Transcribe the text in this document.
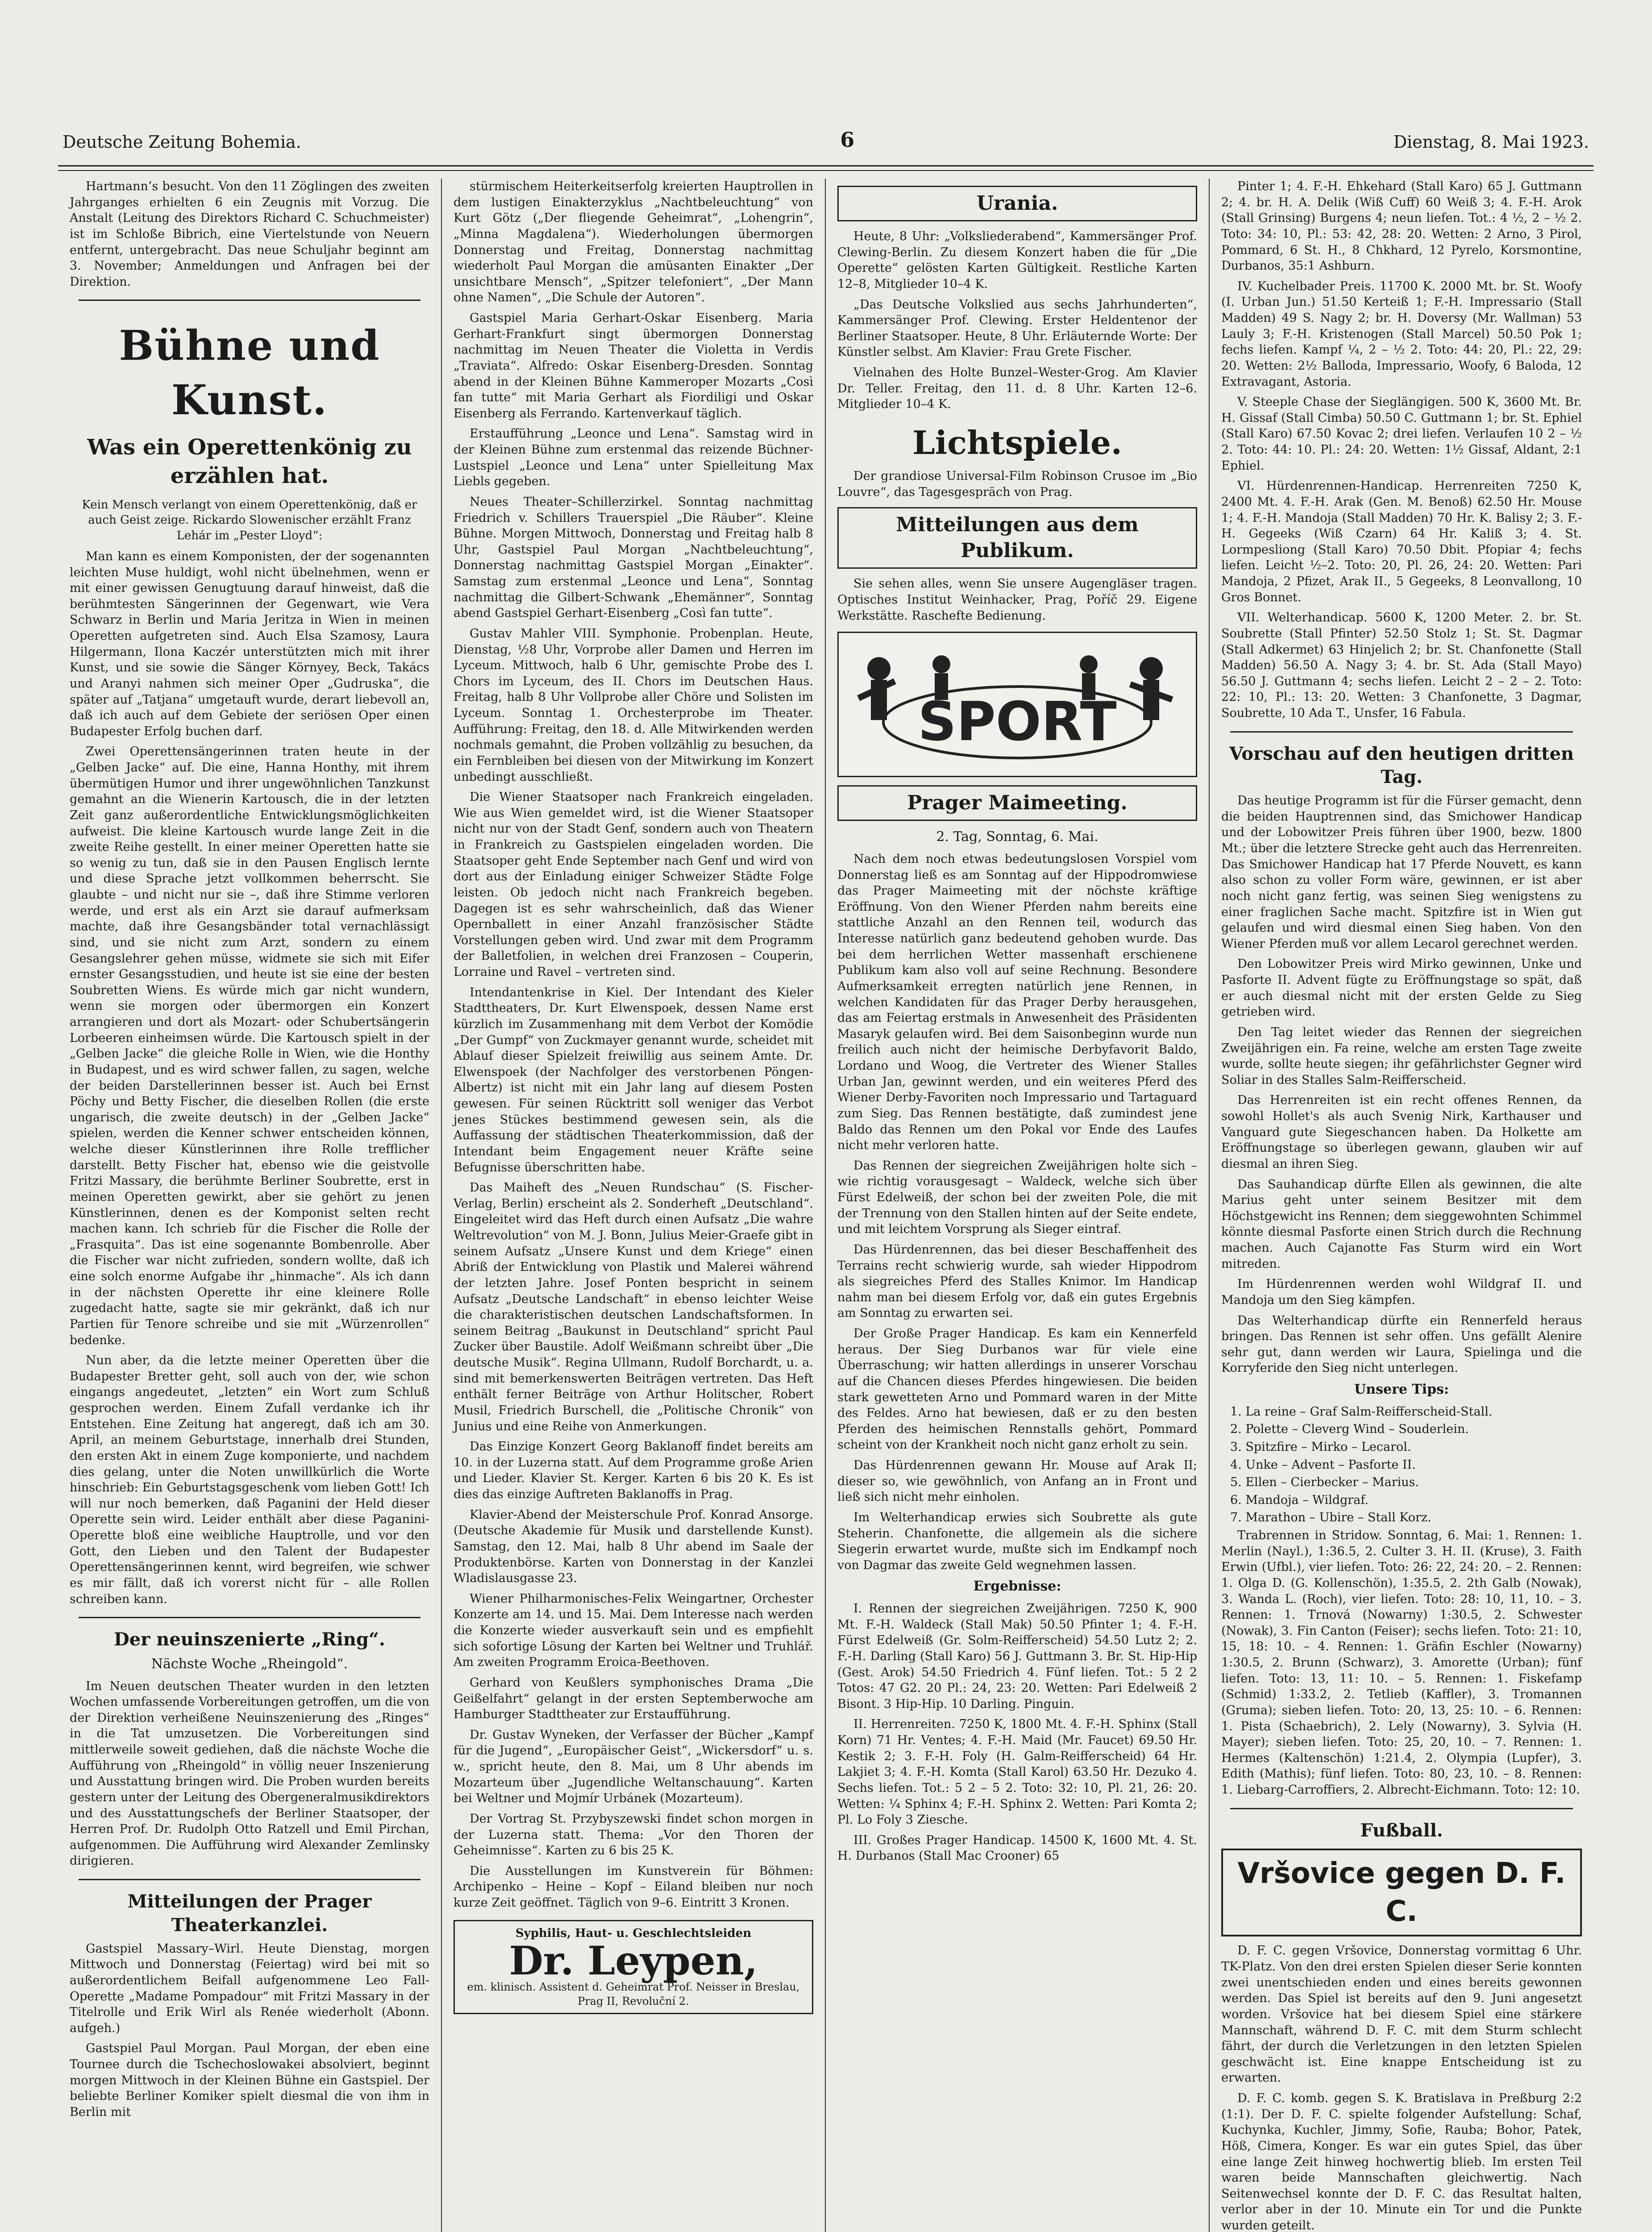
Deutsche Zeitung Bohemia.	6	Dienstag, 8. Mai 1923.

Hartmann’s besucht. Von den 11 Zöglingen des zweiten Jahrganges erhielten 6 ein Zeugnis mit Vorzug. Die Anstalt (Leitung des Direktors Richard C. Schuchmeister) ist im Schloße Bibrich, eine Viertelstunde von Neuern entfernt, untergebracht. Das neue Schuljahr beginnt am 3. November; Anmeldungen und Anfragen bei der Direktion.

Bühne und Kunst.
Was ein Operettenkönig zu erzählen hat.
Kein Mensch verlangt von einem Operettenkönig, daß er auch Geist zeige. Rickardo Slowenischer erzählt Franz Lehár im „Pester Lloyd“:

Man kann es einem Komponisten, der der sogenannten leichten Muse huldigt, wohl nicht übelnehmen, wenn er mit einer gewissen Genugtuung darauf hinweist, daß die berühmtesten Sängerinnen der Gegenwart, wie Vera Schwarz in Berlin und Maria Jeritza in Wien in meinen Operetten aufgetreten sind. Auch Elsa Szamosy, Laura Hilgermann, Ilona Kaczér unterstützten mich mit ihrer Kunst, und sie sowie die Sänger Környey, Beck, Takács und Aranyi nahmen sich meiner Oper „Gudruska“, die später auf „Tatjana“ umgetauft wurde, derart liebevoll an, daß ich auch auf dem Gebiete der seriösen Oper einen Budapester Erfolg buchen darf.

Zwei Operettensängerinnen traten heute in der „Gelben Jacke“ auf. Die eine, Hanna Honthy, mit ihrem übermütigen Humor und ihrer ungewöhnlichen Tanzkunst gemahnt an die Wienerin Kartousch, die in der letzten Zeit ganz außerordentliche Entwicklungsmöglichkeiten aufweist. Die kleine Kartousch wurde lange Zeit in die zweite Reihe gestellt. In einer meiner Operetten hatte sie so wenig zu tun, daß sie in den Pausen Englisch lernte und diese Sprache jetzt vollkommen beherrscht. Sie glaubte – und nicht nur sie –, daß ihre Stimme verloren werde, und erst als ein Arzt sie darauf aufmerksam machte, daß ihre Gesangsbänder total vernachlässigt sind, und sie nicht zum Arzt, sondern zu einem Gesangslehrer gehen müsse, widmete sie sich mit Eifer ernster Gesangsstudien, und heute ist sie eine der besten Soubretten Wiens. Es würde mich gar nicht wundern, wenn sie morgen oder übermorgen ein Konzert arrangieren und dort als Mozart- oder Schubertsängerin Lorbeeren einheimsen würde. Die Kartousch spielt in der „Gelben Jacke“ die gleiche Rolle in Wien, wie die Honthy in Budapest, und es wird schwer fallen, zu sagen, welche der beiden Darstellerinnen besser ist. Auch bei Ernst Pöchy und Betty Fischer, die dieselben Rollen (die erste ungarisch, die zweite deutsch) in der „Gelben Jacke“ spielen, werden die Kenner schwer entscheiden können, welche dieser Künstlerinnen ihre Rolle trefflicher darstellt. Betty Fischer hat, ebenso wie die geistvolle Fritzi Massary, die berühmte Berliner Soubrette, erst in meinen Operetten gewirkt, aber sie gehört zu jenen Künstlerinnen, denen es der Komponist selten recht machen kann. Ich schrieb für die Fischer die Rolle der „Frasquita“. Das ist eine sogenannte Bombenrolle. Aber die Fischer war nicht zufrieden, sondern wollte, daß ich eine solch enorme Aufgabe ihr „hinmache“. Als ich dann in der nächsten Operette ihr eine kleinere Rolle zugedacht hatte, sagte sie mir gekränkt, daß ich nur Partien für Tenore schreibe und sie mit „Würzenrollen“ bedenke.

Nun aber, da die letzte meiner Operetten über die Budapester Bretter geht, soll auch von der, wie schon eingangs angedeutet, „letzten“ ein Wort zum Schluß gesprochen werden. Einem Zufall verdanke ich ihr Entstehen. Eine Zeitung hat angeregt, daß ich am 30. April, an meinem Geburtstage, innerhalb drei Stunden, den ersten Akt in einem Zuge komponierte, und nachdem dies gelang, unter die Noten unwillkürlich die Worte hinschrieb: Ein Geburtstagsgeschenk vom lieben Gott! Ich will nur noch bemerken, daß Paganini der Held dieser Operette sein wird. Leider enthält aber diese Paganini-Operette bloß eine weibliche Hauptrolle, und vor den Gott, den Lieben und den Talent der Budapester Operettensängerinnen kennt, wird begreifen, wie schwer es mir fällt, daß ich vorerst nicht für – alle Rollen schreiben kann.

Der neuinszenierte „Ring“.
Nächste Woche „Rheingold“.

Im Neuen deutschen Theater wurden in den letzten Wochen umfassende Vorbereitungen getroffen, um die von der Direktion verheißene Neuinszenierung des „Ringes“ in die Tat umzusetzen. Die Vorbereitungen sind mittlerweile soweit gediehen, daß die nächste Woche die Aufführung von „Rheingold“ in völlig neuer Inszenierung und Ausstattung bringen wird. Die Proben wurden bereits gestern unter der Leitung des Obergeneralmusikdirektors und des Ausstattungschefs der Berliner Staatsoper, der Herren Prof. Dr. Rudolph Otto Ratzell und Emil Pirchan, aufgenommen. Die Aufführung wird Alexander Zemlinsky dirigieren.

Mitteilungen der Prager Theaterkanzlei.

Gastspiel Massary–Wirl. Heute Dienstag, morgen Mittwoch und Donnerstag (Feiertag) wird bei mit so außerordentlichem Beifall aufgenommene Leo Fall-Operette „Madame Pompadour“ mit Fritzi Massary in der Titelrolle und Erik Wirl als Renée wiederholt (Abonn. aufgeh.)

Gastspiel Paul Morgan. Paul Morgan, der eben eine Tournee durch die Tschechoslowakei absolviert, beginnt morgen Mittwoch in der Kleinen Bühne ein Gastspiel. Der beliebte Berliner Komiker spielt diesmal die von ihm in Berlin mit

stürmischem Heiterkeitserfolg kreierten Hauptrollen in dem lustigen Einakterzyklus „Nachtbeleuchtung“ von Kurt Götz („Der fliegende Geheimrat“, „Lohengrin“, „Minna Magdalena“). Wiederholungen übermorgen Donnerstag und Freitag, Donnerstag nachmittag wiederholt Paul Morgan die amüsanten Einakter „Der unsichtbare Mensch“, „Spitzer telefoniert“, „Der Mann ohne Namen“, „Die Schule der Autoren“.

Gastspiel Maria Gerhart-Oskar Eisenberg. Maria Gerhart-Frankfurt singt übermorgen Donnerstag nachmittag im Neuen Theater die Violetta in Verdis „Traviata“. Alfredo: Oskar Eisenberg-Dresden. Sonntag abend in der Kleinen Bühne Kammeroper Mozarts „Così fan tutte“ mit Maria Gerhart als Fiordiligi und Oskar Eisenberg als Ferrando. Kartenverkauf täglich.

Erstaufführung „Leonce und Lena“. Samstag wird in der Kleinen Bühne zum erstenmal das reizende Büchner-Lustspiel „Leonce und Lena“ unter Spielleitung Max Liebls gegeben.

Neues Theater–Schillerzirkel. Sonntag nachmittag Friedrich v. Schillers Trauerspiel „Die Räuber“. Kleine Bühne. Morgen Mittwoch, Donnerstag und Freitag halb 8 Uhr, Gastspiel Paul Morgan „Nachtbeleuchtung“, Donnerstag nachmittag Gastspiel Morgan „Einakter“. Samstag zum erstenmal „Leonce und Lena“, Sonntag nachmittag die Gilbert-Schwank „Ehemänner“, Sonntag abend Gastspiel Gerhart-Eisenberg „Così fan tutte“.

Gustav Mahler VIII. Symphonie. Probenplan. Heute, Dienstag, ½8 Uhr, Vorprobe aller Damen und Herren im Lyceum. Mittwoch, halb 6 Uhr, gemischte Probe des I. Chors im Lyceum, des II. Chors im Deutschen Haus. Freitag, halb 8 Uhr Vollprobe aller Chöre und Solisten im Lyceum. Sonntag 1. Orchesterprobe im Theater. Aufführung: Freitag, den 18. d. Alle Mitwirkenden werden nochmals gemahnt, die Proben vollzählig zu besuchen, da ein Fernbleiben bei diesen von der Mitwirkung im Konzert unbedingt ausschließt.

Die Wiener Staatsoper nach Frankreich eingeladen. Wie aus Wien gemeldet wird, ist die Wiener Staatsoper nicht nur von der Stadt Genf, sondern auch von Theatern in Frankreich zu Gastspielen eingeladen worden. Die Staatsoper geht Ende September nach Genf und wird von dort aus der Einladung einiger Schweizer Städte Folge leisten. Ob jedoch nicht nach Frankreich begeben. Dagegen ist es sehr wahrscheinlich, daß das Wiener Opernballett in einer Anzahl französischer Städte Vorstellungen geben wird. Und zwar mit dem Programm der Balletfolien, in welchen drei Franzosen – Couperin, Lorraine und Ravel – vertreten sind.

Intendantenkrise in Kiel. Der Intendant des Kieler Stadttheaters, Dr. Kurt Elwenspoek, dessen Name erst kürzlich im Zusammenhang mit dem Verbot der Komödie „Der Gumpf“ von Zuckmayer genannt wurde, scheidet mit Ablauf dieser Spielzeit freiwillig aus seinem Amte. Dr. Elwenspoek (der Nachfolger des verstorbenen Pöngen-Albertz) ist nicht mit ein Jahr lang auf diesem Posten gewesen. Für seinen Rücktritt soll weniger das Verbot jenes Stückes bestimmend gewesen sein, als die Auffassung der städtischen Theaterkommission, daß der Intendant beim Engagement neuer Kräfte seine Befugnisse überschritten habe.

Das Maiheft des „Neuen Rundschau“ (S. Fischer-Verlag, Berlin) erscheint als 2. Sonderheft „Deutschland“. Eingeleitet wird das Heft durch einen Aufsatz „Die wahre Weltrevolution“ von M. J. Bonn, Julius Meier-Graefe gibt in seinem Aufsatz „Unsere Kunst und dem Kriege“ einen Abriß der Entwicklung von Plastik und Malerei während der letzten Jahre. Josef Ponten bespricht in seinem Aufsatz „Deutsche Landschaft“ in ebenso leichter Weise die charakteristischen deutschen Landschaftsformen. In seinem Beitrag „Baukunst in Deutschland“ spricht Paul Zucker über Baustile. Adolf Weißmann schreibt über „Die deutsche Musik“. Regina Ullmann, Rudolf Borchardt, u. a. sind mit bemerkenswerten Beiträgen vertreten. Das Heft enthält ferner Beiträge von Arthur Holitscher, Robert Musil, Friedrich Burschell, die „Politische Chronik“ von Junius und eine Reihe von Anmerkungen.

Das Einzige Konzert Georg Baklanoff findet bereits am 10. in der Luzerna statt. Auf dem Programme große Arien und Lieder. Klavier St. Kerger. Karten 6 bis 20 K. Es ist dies das einzige Auftreten Baklanoffs in Prag.

Klavier-Abend der Meisterschule Prof. Konrad Ansorge. (Deutsche Akademie für Musik und darstellende Kunst). Samstag, den 12. Mai, halb 8 Uhr abend im Saale der Produktenbörse. Karten von Donnerstag in der Kanzlei Wladislausgasse 23.

Wiener Philharmonisches-Felix Weingartner, Orchester Konzerte am 14. und 15. Mai. Dem Interesse nach werden die Konzerte wieder ausverkauft sein und es empfiehlt sich sofortige Lösung der Karten bei Weltner und Truhlář. Am zweiten Programm Eroica-Beethoven.

Gerhard von Keußlers symphonisches Drama „Die Geißelfahrt“ gelangt in der ersten Septemberwoche am Hamburger Stadttheater zur Erstaufführung.

Dr. Gustav Wyneken, der Verfasser der Bücher „Kampf für die Jugend“, „Europäischer Geist“, „Wickersdorf“ u. s. w., spricht heute, den 8. Mai, um 8 Uhr abends im Mozarteum über „Jugendliche Weltanschauung“. Karten bei Weltner und Mojmír Urbánek (Mozarteum).

Der Vortrag St. Przybyszewski findet schon morgen in der Luzerna statt. Thema: „Vor den Thoren der Geheimnisse“. Karten zu 6 bis 25 K.

Die Ausstellungen im Kunstverein für Böhmen: Archipenko – Heine – Kopf – Eiland bleiben nur noch kurze Zeit geöffnet. Täglich von 9–6. Eintritt 3 Kronen.

Syphilis, Haut- u. Geschlechtsleiden
Dr. Leypen,
em. klinisch. Assistent d. Geheimrat Prof. Neisser in Breslau, Prag II, Revoluční 2.
Urania.

Heute, 8 Uhr: „Volksliederabend“, Kammersänger Prof. Clewing-Berlin. Zu diesem Konzert haben die für „Die Operette“ gelösten Karten Gültigkeit. Restliche Karten 12–8, Mitglieder 10–4 K.

„Das Deutsche Volkslied aus sechs Jahrhunderten“, Kammersänger Prof. Clewing. Erster Heldentenor der Berliner Staatsoper. Heute, 8 Uhr. Erläuternde Worte: Der Künstler selbst. Am Klavier: Frau Grete Fischer.

Vielnahen des Holte Bunzel–Wester-Grog. Am Klavier Dr. Teller. Freitag, den 11. d. 8 Uhr. Karten 12–6. Mitglieder 10–4 K.

Lichtspiele.

Der grandiose Universal-Film Robinson Crusoe im „Bio Louvre“, das Tagesgespräch von Prag.

Mitteilungen aus dem Publikum.

Sie sehen alles, wenn Sie unsere Augengläser tragen. Optisches Institut Weinhacker, Prag, Poříč 29. Eigene Werkstätte. Raschefte Bedienung.

SPORT
Prager Maimeeting.
2. Tag, Sonntag, 6. Mai.

Nach dem noch etwas bedeutungslosen Vorspiel vom Donnerstag ließ es am Sonntag auf der Hippodromwiese das Prager Maimeeting mit der nöchste kräftige Eröffnung. Von den Wiener Pferden nahm bereits eine stattliche Anzahl an den Rennen teil, wodurch das Interesse natürlich ganz bedeutend gehoben wurde. Das bei dem herrlichen Wetter massenhaft erschienene Publikum kam also voll auf seine Rechnung. Besondere Aufmerksamkeit erregten natürlich jene Rennen, in welchen Kandidaten für das Prager Derby herausgehen, das am Feiertag erstmals in Anwesenheit des Präsidenten Masaryk gelaufen wird. Bei dem Saisonbeginn wurde nun freilich auch nicht der heimische Derbyfavorit Baldo, Lordano und Woog, die Vertreter des Wiener Stalles Urban Jan, gewinnt werden, und ein weiteres Pferd des Wiener Derby-Favoriten noch Impressario und Tartaguard zum Sieg. Das Rennen bestätigte, daß zumindest jene Baldo das Rennen um den Pokal vor Ende des Laufes nicht mehr verloren hatte.

Das Rennen der siegreichen Zweijährigen holte sich – wie richtig vorausgesagt – Waldeck, welche sich über Fürst Edelweiß, der schon bei der zweiten Pole, die mit der Trennung von den Stallen hinten auf der Seite endete, und mit leichtem Vorsprung als Sieger eintraf.

Das Hürdenrennen, das bei dieser Beschaffenheit des Terrains recht schwierig wurde, sah wieder Hippodrom als siegreiches Pferd des Stalles Knimor. Im Handicap nahm man bei diesem Erfolg vor, daß ein gutes Ergebnis am Sonntag zu erwarten sei.

Der Große Prager Handicap. Es kam ein Kennerfeld heraus. Der Sieg Durbanos war für viele eine Überraschung; wir hatten allerdings in unserer Vorschau auf die Chancen dieses Pferdes hingewiesen. Die beiden stark gewetteten Arno und Pommard waren in der Mitte des Feldes. Arno hat bewiesen, daß er zu den besten Pferden des heimischen Rennstalls gehört, Pommard scheint von der Krankheit noch nicht ganz erholt zu sein.

Das Hürdenrennen gewann Hr. Mouse auf Arak II; dieser so, wie gewöhnlich, von Anfang an in Front und ließ sich nicht mehr einholen.

Im Welterhandicap erwies sich Soubrette als gute Steherin. Chanfonette, die allgemein als die sichere Siegerin erwartet wurde, mußte sich im Endkampf noch von Dagmar das zweite Geld wegnehmen lassen.

Ergebnisse:

I. Rennen der siegreichen Zweijährigen. 7250 K, 900 Mt. F.-H. Waldeck (Stall Mak) 50.50 Pfinter 1; 4. F.-H. Fürst Edelweiß (Gr. Solm-Reifferscheid) 54.50 Lutz 2; 2. F.-H. Darling (Stall Karo) 56 J. Guttmann 3. Br. St. Hip-Hip (Gest. Arok) 54.50 Friedrich 4. Fünf liefen. Tot.: 5 2 2 Totos: 47 G2. 20 Pl.: 24, 23: 20. Wetten: Pari Edelweiß 2 Bisont. 3 Hip-Hip. 10 Darling. Pinguin.

II. Herrenreiten. 7250 K, 1800 Mt. 4. F.-H. Sphinx (Stall Korn) 71 Hr. Ventes; 4. F.-H. Maid (Mr. Faucet) 69.50 Hr. Kestik 2; 3. F.-H. Foly (H. Galm-Reifferscheid) 64 Hr. Lakjiet 3; 4. F.-H. Komta (Stall Karol) 63.50 Hr. Dezuko 4. Sechs liefen. Tot.: 5 2 – 5 2. Toto: 32: 10, Pl. 21, 26: 20. Wetten: ¼ Sphinx 4; F.-H. Sphinx 2. Wetten: Pari Komta 2; Pl. Lo Foly 3 Ziesche.

III. Großes Prager Handicap. 14500 K, 1600 Mt. 4. St. H. Durbanos (Stall Mac Crooner) 65

Pinter 1; 4. F.-H. Ehkehard (Stall Karo) 65 J. Guttmann 2; 4. br. H. A. Delik (Wiß Cuff) 60 Weiß 3; 4. F.-H. Arok (Stall Grinsing) Burgens 4; neun liefen. Tot.: 4 ½, 2 – ½ 2. Toto: 34: 10, Pl.: 53: 42, 28: 20. Wetten: 2 Arno, 3 Pirol, Pommard, 6 St. H., 8 Chkhard, 12 Pyrelo, Korsmontine, Durbanos, 35:1 Ashburn.

IV. Kuchelbader Preis. 11700 K. 2000 Mt. br. St. Woofy (I. Urban Jun.) 51.50 Kerteiß 1; F.-H. Impressario (Stall Madden) 49 S. Nagy 2; br. H. Doversy (Mr. Wallman) 53 Lauly 3; F.-H. Kristenogen (Stall Marcel) 50.50 Pok 1; fechs liefen. Kampf ¼, 2 – ½ 2. Toto: 44: 20, Pl.: 22, 29: 20. Wetten: 2½ Balloda, Impressario, Woofy, 6 Baloda, 12 Extravagant, Astoria.

V. Steeple Chase der Sieglängigen. 500 K, 3600 Mt. Br. H. Gissaf (Stall Cimba) 50.50 C. Guttmann 1; br. St. Ephiel (Stall Karo) 67.50 Kovac 2; drei liefen. Verlaufen 10 2 – ½ 2. Toto: 44: 10. Pl.: 24: 20. Wetten: 1½ Gissaf, Aldant, 2:1 Ephiel.

VI. Hürdenrennen-Handicap. Herrenreiten 7250 K, 2400 Mt. 4. F.-H. Arak (Gen. M. Benoß) 62.50 Hr. Mouse 1; 4. F.-H. Mandoja (Stall Madden) 70 Hr. K. Balisy 2; 3. F.-H. Gegeeks (Wiß Czarn) 64 Hr. Kaliß 3; 4. St. Lormpesliong (Stall Karo) 70.50 Dbit. Pfopiar 4; fechs liefen. Leicht ½–2. Toto: 20, Pl. 26, 24: 20. Wetten: Pari Mandoja, 2 Pfizet, Arak II., 5 Gegeeks, 8 Leonvallong, 10 Gros Bonnet.

VII. Welterhandicap. 5600 K, 1200 Meter. 2. br. St. Soubrette (Stall Pfinter) 52.50 Stolz 1; St. St. Dagmar (Stall Adkermet) 63 Hinjelich 2; br. St. Chanfonette (Stall Madden) 56.50 A. Nagy 3; 4. br. St. Ada (Stall Mayo) 56.50 J. Guttmann 4; sechs liefen. Leicht 2 – 2 – 2. Toto: 22: 10, Pl.: 13: 20. Wetten: 3 Chanfonette, 3 Dagmar, Soubrette, 10 Ada T., Unsfer, 16 Fabula.

Vorschau auf den heutigen dritten Tag.

Das heutige Programm ist für die Fürser gemacht, denn die beiden Hauptrennen sind, das Smichower Handicap und der Lobowitzer Preis führen über 1900, bezw. 1800 Mt.; über die letztere Strecke geht auch das Herrenreiten. Das Smichower Handicap hat 17 Pferde Nouvett, es kann also schon zu voller Form wäre, gewinnen, er ist aber noch nicht ganz fertig, was seinen Sieg wenigstens zu einer fraglichen Sache macht. Spitzfire ist in Wien gut gelaufen und wird diesmal einen Sieg haben. Von den Wiener Pferden muß vor allem Lecarol gerechnet werden.

Den Lobowitzer Preis wird Mirko gewinnen, Unke und Pasforte II. Advent fügte zu Eröffnungstage so spät, daß er auch diesmal nicht mit der ersten Gelde zu Sieg getrieben wird.

Den Tag leitet wieder das Rennen der siegreichen Zweijährigen ein. Fa reine, welche am ersten Tage zweite wurde, sollte heute siegen; ihr gefährlichster Gegner wird Soliar in des Stalles Salm-Reifferscheid.

Das Herrenreiten ist ein recht offenes Rennen, da sowohl Hollet's als auch Svenig Nirk, Karthauser und Vanguard gute Siegeschancen haben. Da Holkette am Eröffnungstage so überlegen gewann, glauben wir auf diesmal an ihren Sieg.

Das Sauhandicap dürfte Ellen als gewinnen, die alte Marius geht unter seinem Besitzer mit dem Höchstgewicht ins Rennen; dem sieggewohnten Schimmel könnte diesmal Pasforte einen Strich durch die Rechnung machen. Auch Cajanotte Fas Sturm wird ein Wort mitreden.

Im Hürdenrennen werden wohl Wildgraf II. und Mandoja um den Sieg kämpfen.

Das Welterhandicap dürfte ein Rennerfeld heraus bringen. Das Rennen ist sehr offen. Uns gefällt Alenire sehr gut, dann werden wir Laura, Spielinga und die Korryferide den Sieg nicht unterlegen.

Unsere Tips:
1. La reine – Graf Salm-Reifferscheid-Stall.
2. Polette – Cleverg Wind – Souderlein.
3. Spitzfire – Mirko – Lecarol.
4. Unke – Advent – Pasforte II.
5. Ellen – Cierbecker – Marius.
6. Mandoja – Wildgraf.
7. Marathon – Ubire – Stall Korz.

Trabrennen in Stridow. Sonntag, 6. Mai: 1. Rennen: 1. Merlin (Nayl.), 1:36.5, 2. Culter 3. H. II. (Kruse), 3. Faith Erwin (Ufbl.), vier liefen. Toto: 26: 22, 24: 20. – 2. Rennen: 1. Olga D. (G. Kollenschön), 1:35.5, 2. 2th Galb (Nowak), 3. Wanda L. (Roch), vier liefen. Toto: 28: 10, 11, 10. – 3. Rennen: 1. Trnová (Nowarny) 1:30.5, 2. Schwester (Nowak), 3. Fin Canton (Feiser); sechs liefen. Toto: 21: 10, 15, 18: 10. – 4. Rennen: 1. Gräfin Eschler (Nowarny) 1:30.5, 2. Brunn (Schwarz), 3. Amorette (Urban); fünf liefen. Toto: 13, 11: 10. – 5. Rennen: 1. Fiskefamp (Schmid) 1:33.2, 2. Tetlieb (Kaffler), 3. Tromannen (Gruma); sieben liefen. Toto: 20, 13, 25: 10. – 6. Rennen: 1. Pista (Schaebrich), 2. Lely (Nowarny), 3. Sylvia (H. Mayer); sieben liefen. Toto: 25, 20, 10. – 7. Rennen: 1. Hermes (Kaltenschön) 1:21.4, 2. Olympia (Lupfer), 3. Edith (Mathis); fünf liefen. Toto: 80, 23, 10. – 8. Rennen: 1. Liebarg-Carroffiers, 2. Albrecht-Eichmann. Toto: 12: 10.

Fußball.
Vršovice gegen D. F. C.

D. F. C. gegen Vršovice, Donnerstag vormittag 6 Uhr. TK-Platz. Von den drei ersten Spielen dieser Serie konnten zwei unentschieden enden und eines bereits gewonnen werden. Das Spiel ist bereits auf den 9. Juni angesetzt worden. Vršovice hat bei diesem Spiel eine stärkere Mannschaft, während D. F. C. mit dem Sturm schlecht fährt, der durch die Verletzungen in den letzten Spielen geschwächt ist. Eine knappe Entscheidung ist zu erwarten.

D. F. C. komb. gegen S. K. Bratislava in Preßburg 2:2 (1:1). Der D. F. C. spielte folgender Aufstellung: Schaf, Kuchynka, Kuchler, Jimmy, Sofie, Rauba; Bohor, Patek, Höß, Cimera, Konger. Es war ein gutes Spiel, das über eine lange Zeit hinweg hochwertig blieb. Im ersten Teil waren beide Mannschaften gleichwertig. Nach Seitenwechsel konnte der D. F. C. das Resultat halten, verlor aber in der 10. Minute ein Tor und die Punkte wurden geteilt.
